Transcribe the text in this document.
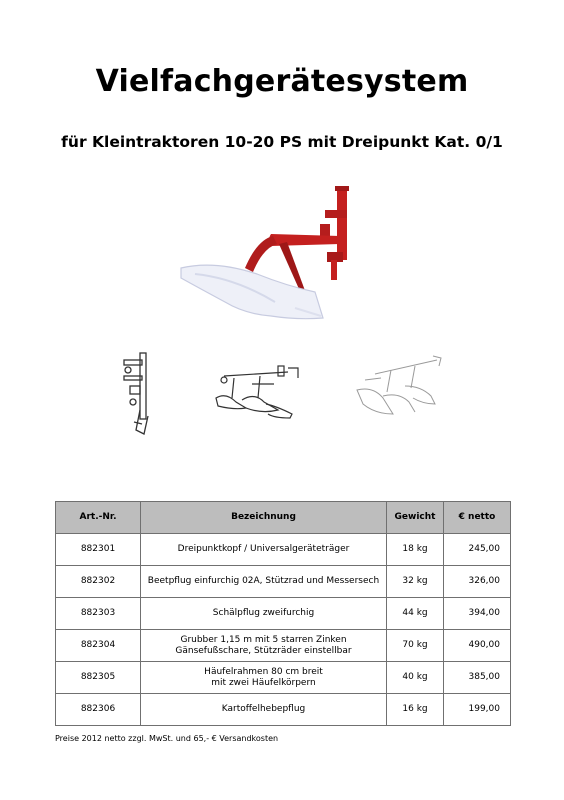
Vielfachgerätesystem
für Kleintraktoren 10-20 PS mit Dreipunkt Kat. 0/1
Art.-Nr.	Bezeichnung	Gewicht	€ netto
882301	Dreipunktkopf / Universalgeräteträger	18 kg	245,00
882302	Beetpflug einfurchig 02A, Stützrad und Messersech	32 kg	326,00
882303	Schälpflug zweifurchig	44 kg	394,00
882304	Grubber 1,15 m mit 5 starren Zinken
Gänsefußschare, Stützräder einstellbar	70 kg	490,00
882305	Häufelrahmen 80 cm breit
mit zwei Häufelkörpern	40 kg	385,00
882306	Kartoffelhebepflug	16 kg	199,00
Preise 2012 netto zzgl. MwSt. und 65,- € Versandkosten
